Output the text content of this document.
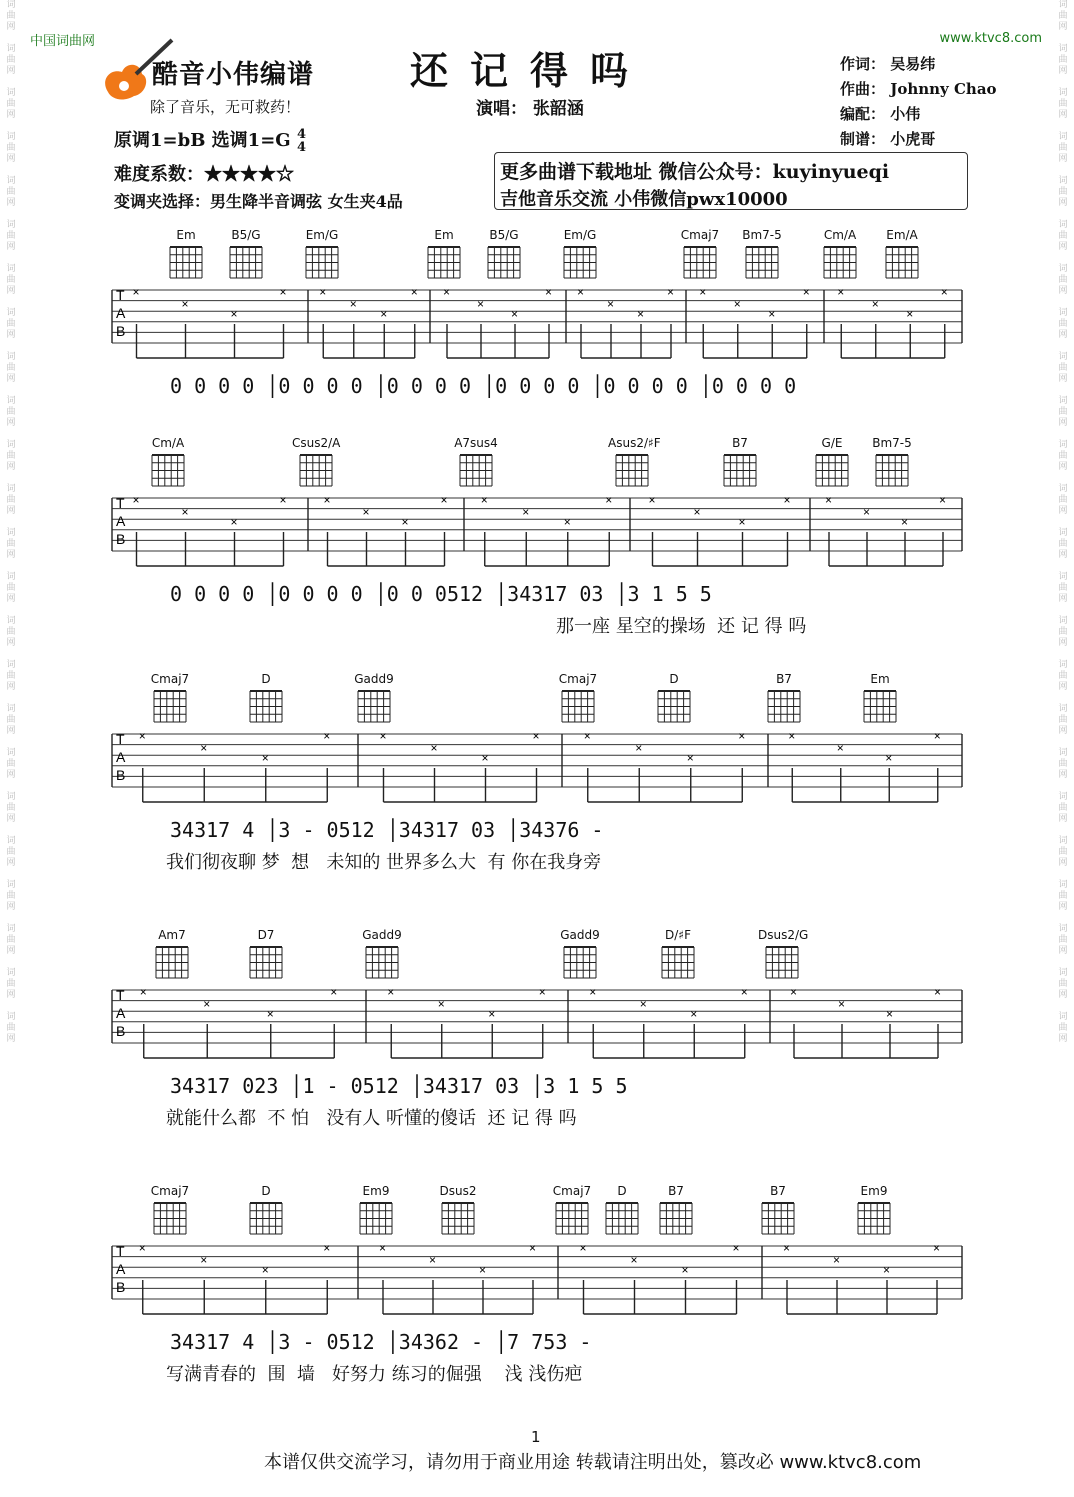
词
曲
网

词
曲
网

词
曲
网

词
曲
网

词
曲
网

词
曲
网

词
曲
网

词
曲
网

词
曲
网

词
曲
网

词
曲
网

词
曲
网

词
曲
网

词
曲
网

词
曲
网

词
曲
网

词
曲
网

词
曲
网

词
曲
网

词
曲
网

词
曲
网

词
曲
网

词
曲
网

词
曲
网

词
曲
网

词
曲
网

词
曲
网

词
曲
网

词
曲
网

词
曲
网

词
曲
网

词
曲
网

词
曲
网

词
曲
网

词
曲
网

词
曲
网

词
曲
网

词
曲
网

词
曲
网

词
曲
网

词
曲
网

词
曲
网

词
曲
网

词
曲
网

词
曲
网

词
曲
网

词
曲
网

词
曲
网

中国词曲网	www.ktvc8.com
酷音小伟编谱
除了音乐，无可救药！
还记得吗
演唱： 张韶涵
作词： 吴易纬
作曲： Johnny Chao
编配： 小伟
制谱： 小虎哥
原调1=bB 选调1=G 4
4
难度系数：★★★★☆
变调夹选择：男生降半音调弦 女生夹4品
更多曲谱下载地址 微信公众号：kuyinyueqi
吉他音乐交流 小伟微信pwx10000
Em	B5/G	Em/G	Em	B5/G	Em/G	Cmaj7	Bm7-5	Cm/A	Em/A
T
A
B
×
×
×
×	×
×
×
× ×
×
×
× ×
×
×
× ×
×
×
× ×
×
×
×
0 0 0 0 │0 0 0 0 │0 0 0 0 │0 0 0 0 │0 0 0 0 │0 0 0 0
Cm/A	Csus2/A	A7sus4	Asus2/♯F	B7	G/E	Bm7-5
T
A
B
×
×
×
×	×
×
×
×	×
×
×
×	×
×
×
×	×
×
×
×
0 0 0 0 │0 0 0 0 │0 0 0512 │34317 03 │3 1 5 5
那一座 星空的操场  还 记 得 吗
Cmaj7	D	Gadd9	Cmaj7	D	B7	Em
T
A
B
×
×
×
×	×
×
×
×	×
×
×
×	×
×
×
×
34317 4 │3 - 0512 │34317 03 │34376 -
我们彻夜聊 梦  想   未知的 世界多么大  有 你在我身旁
Am7	D7	Gadd9	Gadd9	D/♯F	Dsus2/G
T
A
B
×
×
×
×	×
×
×
×	×
×
×
×	×
×
×
×
34317 023 │1 - 0512 │34317 03 │3 1 5 5
就能什么都  不 怕   没有人 听懂的傻话  还 记 得 吗
Cmaj7	D	Em9	Dsus2	Cmaj7	D	B7	B7	Em9
T
A
B
×
×
×
×	×
×
×
×	×
×
×
×	×
×
×
×
34317 4 │3 - 0512 │34362 - │7 753 -
写满青春的  围  墙   好努力 练习的倔强    浅 浅伤疤
1
本谱仅供交流学习，请勿用于商业用途 转载请注明出处，篡改必 www.ktvc8.com
